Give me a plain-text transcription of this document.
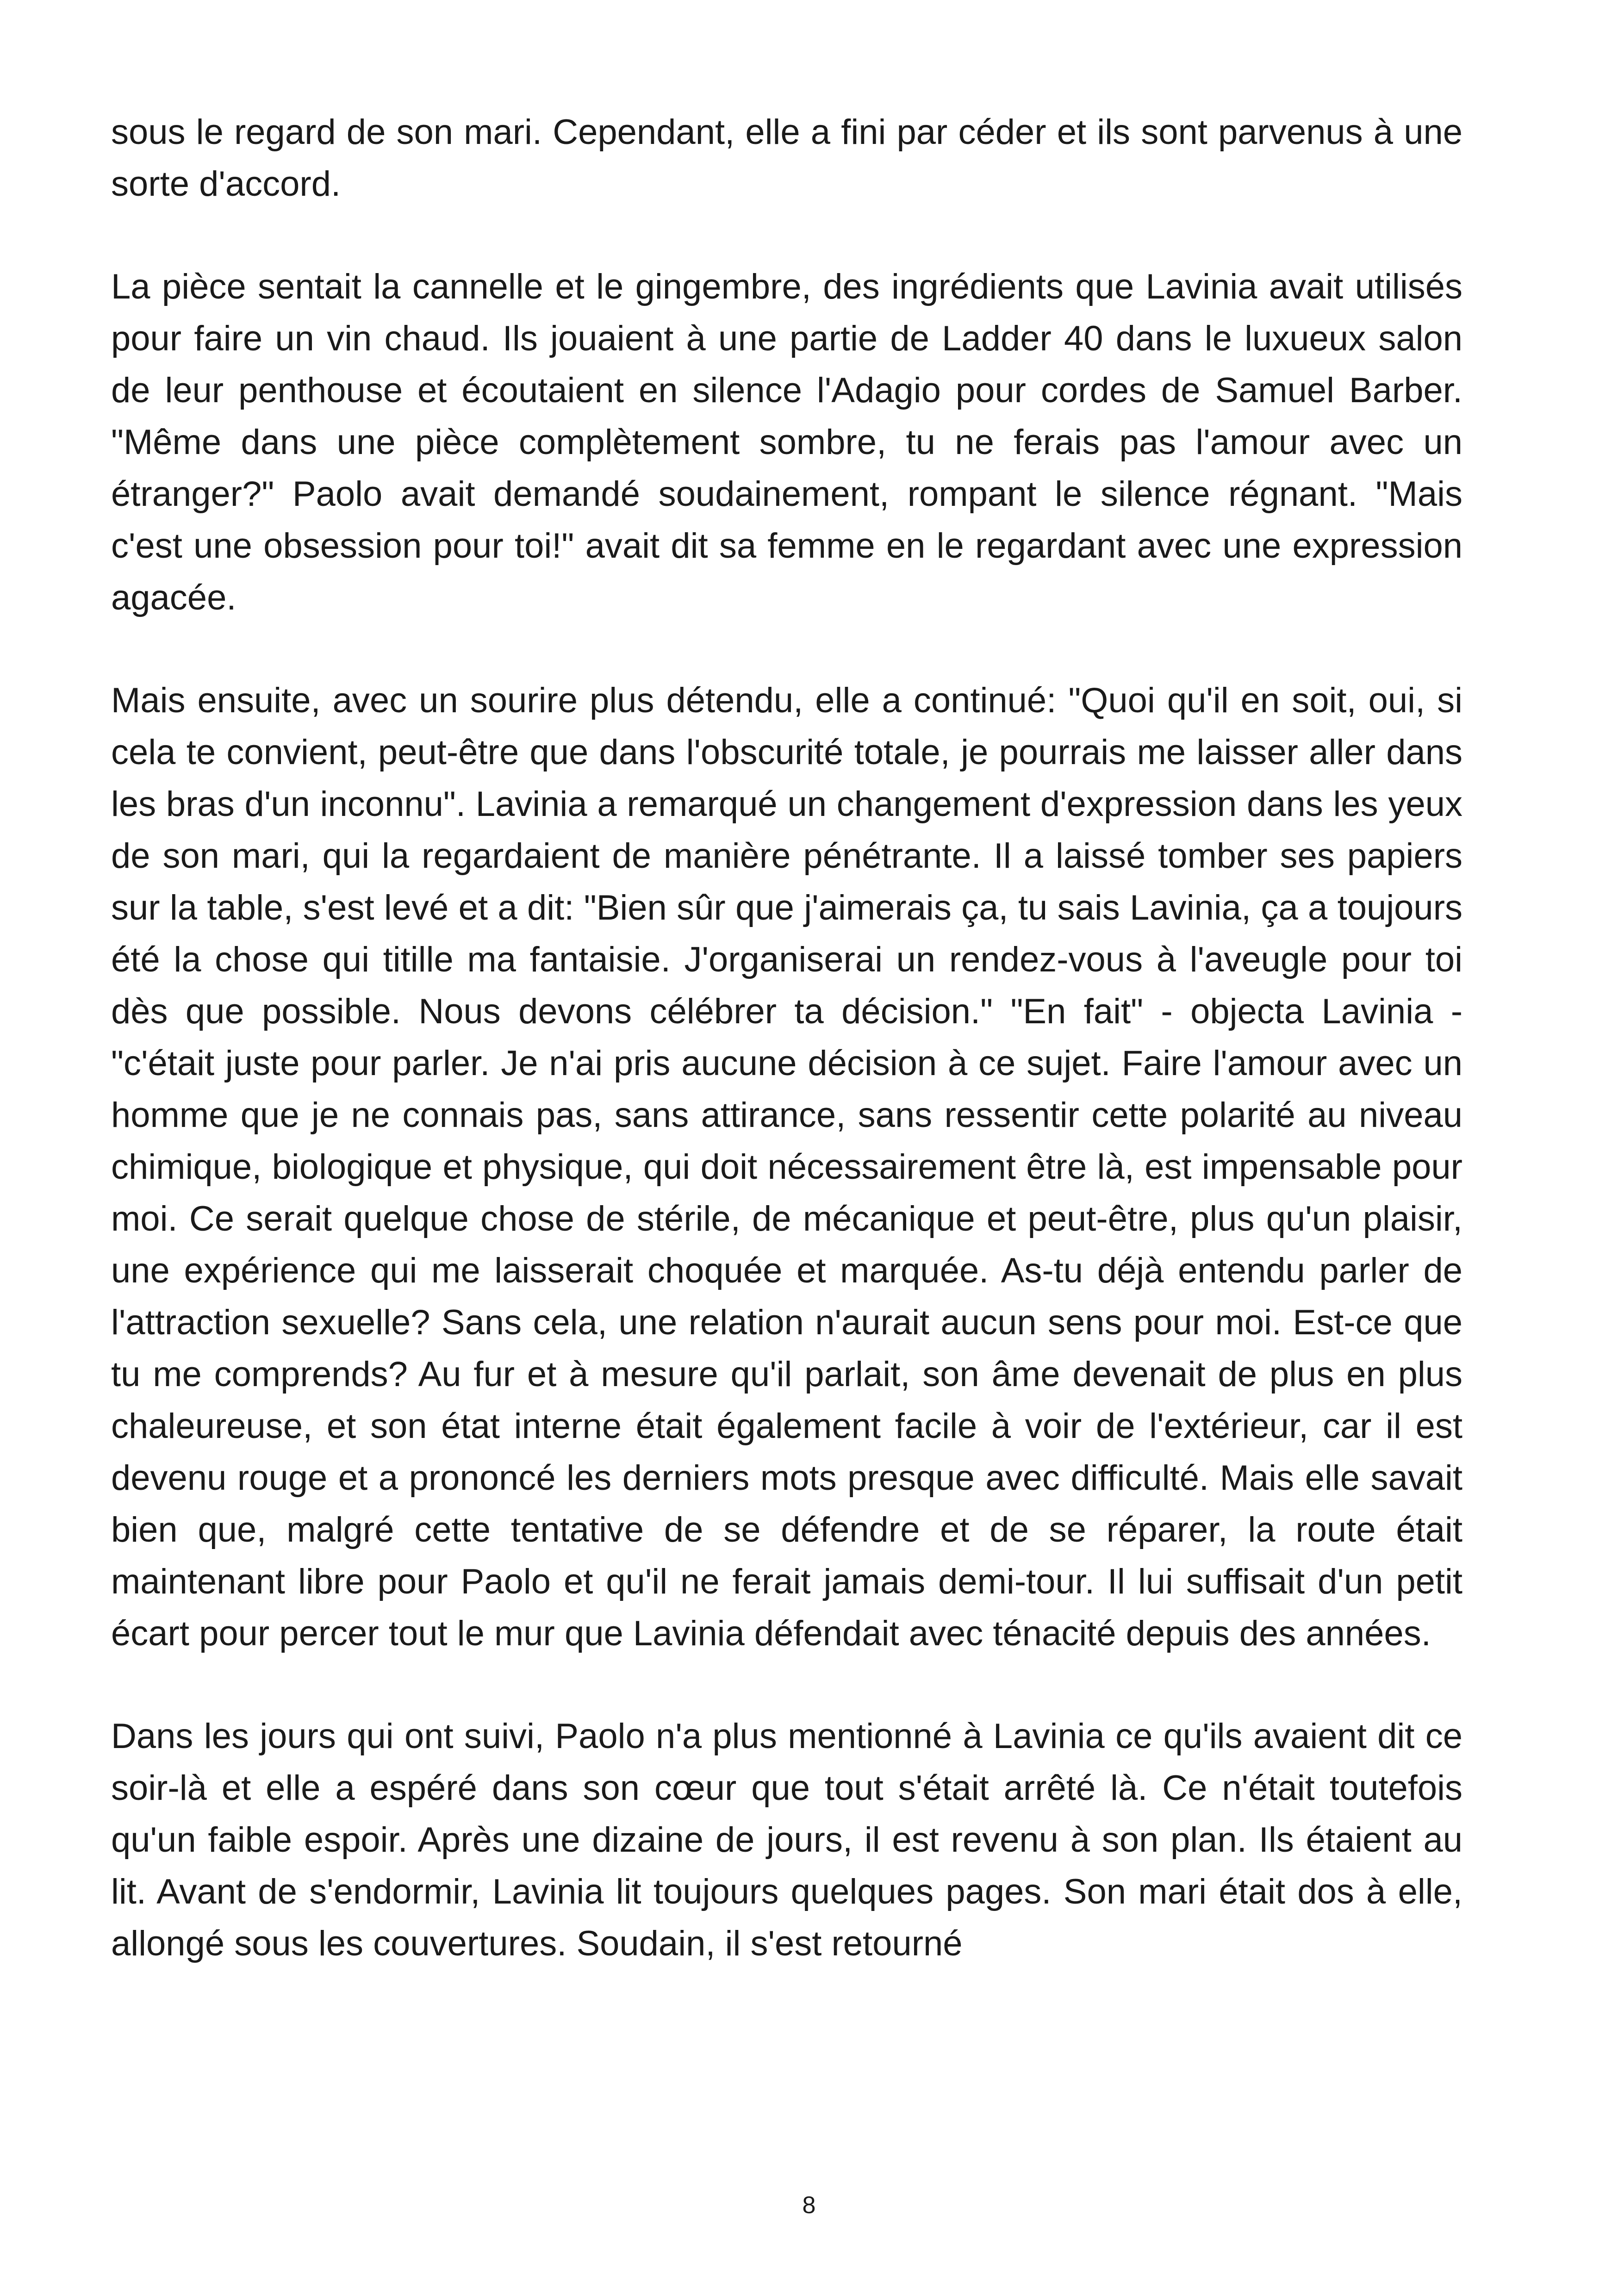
sous le regard de son mari. Cependant, elle a fini par céder et ils sont parvenus à une sorte d'accord.

La pièce sentait la cannelle et le gingembre, des ingrédients que Lavinia avait utilisés pour faire un vin chaud. Ils jouaient à une partie de Ladder 40 dans le luxueux salon de leur penthouse et écoutaient en silence l'Adagio pour cordes de Samuel Barber. "Même dans une pièce complètement sombre, tu ne ferais pas l'amour avec un étranger?" Paolo avait demandé soudainement, rompant le silence régnant. "Mais c'est une obsession pour toi!" avait dit sa femme en le regardant avec une expression agacée.

Mais ensuite, avec un sourire plus détendu, elle a continué: "Quoi qu'il en soit, oui, si cela te convient, peut-être que dans l'obscurité totale, je pourrais me laisser aller dans les bras d'un inconnu". Lavinia a remarqué un changement d'expression dans les yeux de son mari, qui la regardaient de manière pénétrante. Il a laissé tomber ses papiers sur la table, s'est levé et a dit: "Bien sûr que j'aimerais ça, tu sais Lavinia, ça a toujours été la chose qui titille ma fantaisie. J'organiserai un rendez-vous à l'aveugle pour toi dès que possible. Nous devons célébrer ta décision." "En fait" - objecta Lavinia - "c'était juste pour parler. Je n'ai pris aucune décision à ce sujet. Faire l'amour avec un homme que je ne connais pas, sans attirance, sans ressentir cette polarité au niveau chimique, biologique et physique, qui doit nécessairement être là, est impensable pour moi. Ce serait quelque chose de stérile, de mécanique et peut-être, plus qu'un plaisir, une expérience qui me laisserait choquée et marquée. As-tu déjà entendu parler de l'attraction sexuelle? Sans cela, une relation n'aurait aucun sens pour moi. Est-ce que tu me comprends? Au fur et à mesure qu'il parlait, son âme devenait de plus en plus chaleureuse, et son état interne était également facile à voir de l'extérieur, car il est devenu rouge et a prononcé les derniers mots presque avec difficulté. Mais elle savait bien que, malgré cette tentative de se défendre et de se réparer, la route était maintenant libre pour Paolo et qu'il ne ferait jamais demi-tour. Il lui suffisait d'un petit écart pour percer tout le mur que Lavinia défendait avec ténacité depuis des années.

Dans les jours qui ont suivi, Paolo n'a plus mentionné à Lavinia ce qu'ils avaient dit ce soir-là et elle a espéré dans son cœur que tout s'était arrêté là. Ce n'était toutefois qu'un faible espoir. Après une dizaine de jours, il est revenu à son plan. Ils étaient au lit. Avant de s'endormir, Lavinia lit toujours quelques pages. Son mari était dos à elle, allongé sous les couvertures. Soudain, il s'est retourné

8
